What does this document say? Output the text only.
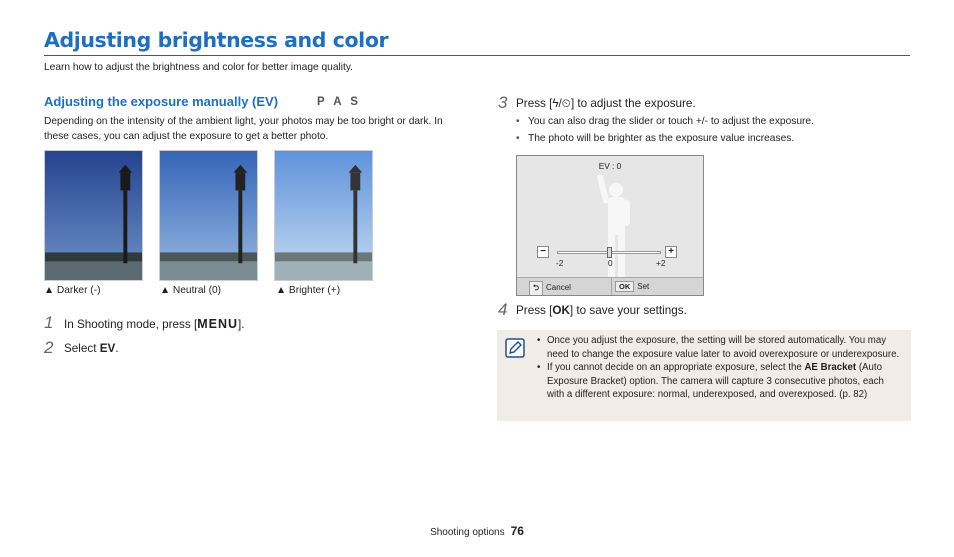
Adjusting brightness and color
Learn how to adjust the brightness and color for better image quality.
Adjusting the exposure manually (EV)	P A S
Depending on the intensity of the ambient light, your photos may be too bright or dark. In these cases, you can adjust the exposure to get a better photo.
▲ Darker (-)	▲ Neutral (0)	▲ Brighter (+)
1 In Shooting mode, press [MENU].
2 Select EV.
3 Press [ϟ/⏲] to adjust the exposure.
• You can also drag the slider or touch +/- to adjust the exposure.
• The photo will be brighter as the exposure value increases.
EV : 0
−	+
-2	0	+2
⮌ Cancel	OK Set
4 Press [OK] to save your settings.
• Once you adjust the exposure, the setting will be stored automatically. You may need to change the exposure value later to avoid overexposure or underexposure.
• If you cannot decide on an appropriate exposure, select the AE Bracket (Auto Exposure Bracket) option. The camera will capture 3 consecutive photos, each with a different exposure: normal, underexposed, and overexposed. (p. 82)
Shooting options 76
